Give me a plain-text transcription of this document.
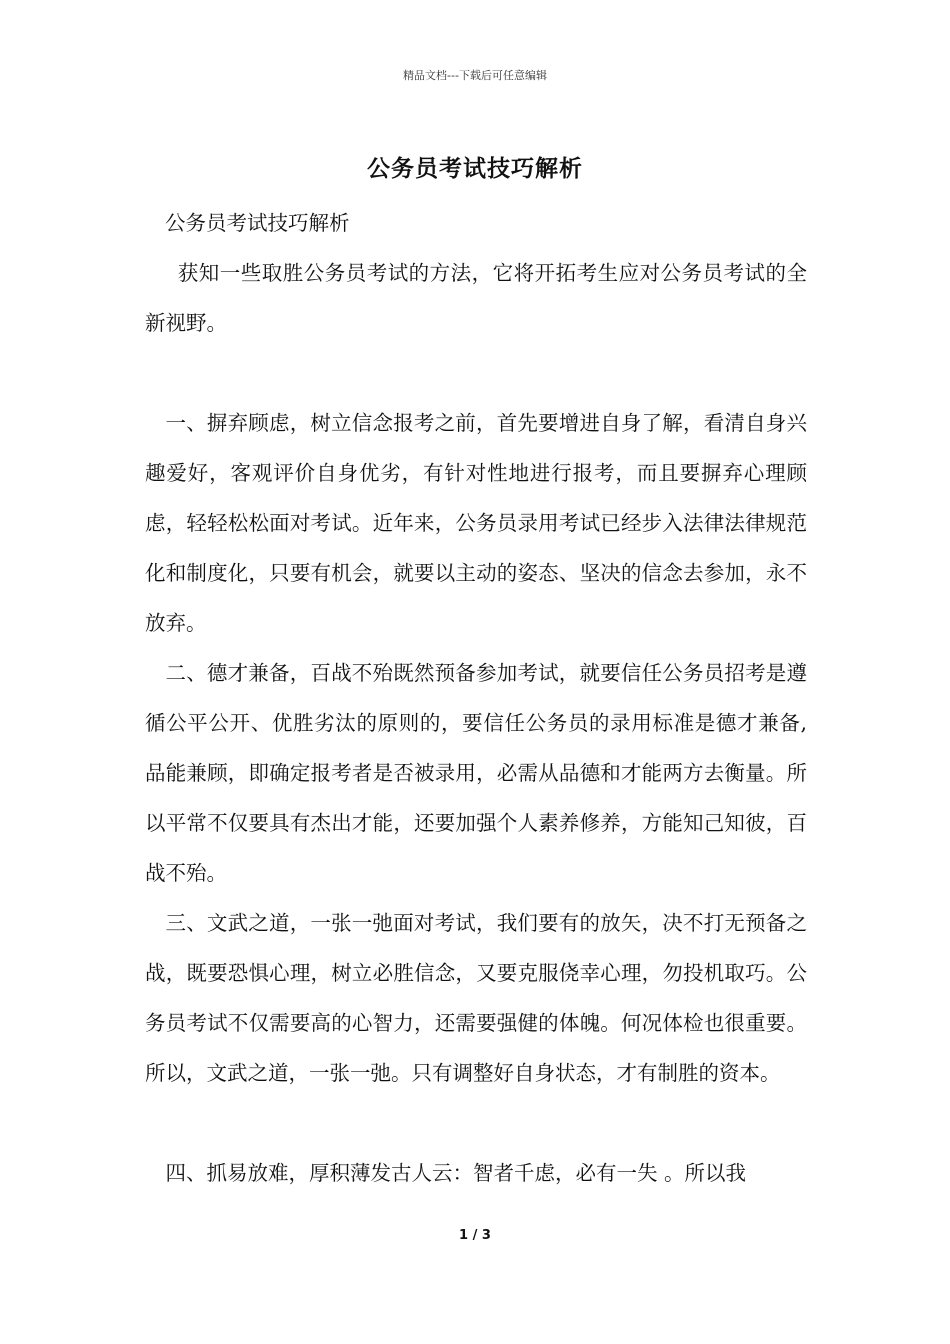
精品文档---下载后可任意编辑
公务员考试技巧解析
公务员考试技巧解析
获知一些取胜公务员考试的方法，它将开拓考生应对公务员考试的全新视野。
一、摒弃顾虑，树立信念报考之前，首先要增进自身了解，看清自身兴趣爱好，客观评价自身优劣，有针对性地进行报考，而且要摒弃心理顾虑，轻轻松松面对考试。近年来，公务员录用考试已经步入法律法律规范化和制度化，只要有机会，就要以主动的姿态、坚决的信念去参加，永不放弃。
二、德才兼备，百战不殆既然预备参加考试，就要信任公务员招考是遵循公平公开、优胜劣汰的原则的，要信任公务员的录用标准是德才兼备,品能兼顾，即确定报考者是否被录用，必需从品德和才能两方去衡量。所以平常不仅要具有杰出才能，还要加强个人素养修养，方能知己知彼，百战不殆。
三、文武之道，一张一弛面对考试，我们要有的放矢，决不打无预备之战，既要恐惧心理，树立必胜信念，又要克服侥幸心理，勿投机取巧。公务员考试不仅需要高的心智力，还需要强健的体魄。何况体检也很重要。所以，文武之道，一张一弛。只有调整好自身状态，才有制胜的资本。
四、抓易放难，厚积薄发古人云：智者千虑，必有一失 。所以我
1 / 3
